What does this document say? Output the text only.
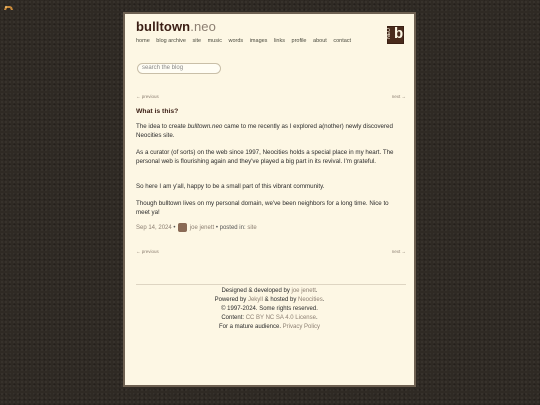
bulltown.neo	NEO b
home blog archive site music words images links profile about contact
search the blog
← previous	next →
What is this?

The idea to create bulltown.neo came to me recently as I explored a(nother) newly discovered Neocities site.

As a curator (of sorts) on the web since 1997, Neocities holds a special place in my heart. The personal web is flourishing again and they've played a big part in its revival. I'm grateful.

So here I am y'all, happy to be a small part of this vibrant community.

Though bulltown lives on my personal domain, we've been neighbors for a long time. Nice to meet ya!

Sep 14, 2024 • joe jenett • posted in: site
← previous	next →
Designed & developed by joe jenett.
Powered by Jekyll & hosted by Neocities.
© 1997-2024. Some rights reserved.
Content: CC BY NC SA 4.0 License.
For a mature audience. Privacy Policy
